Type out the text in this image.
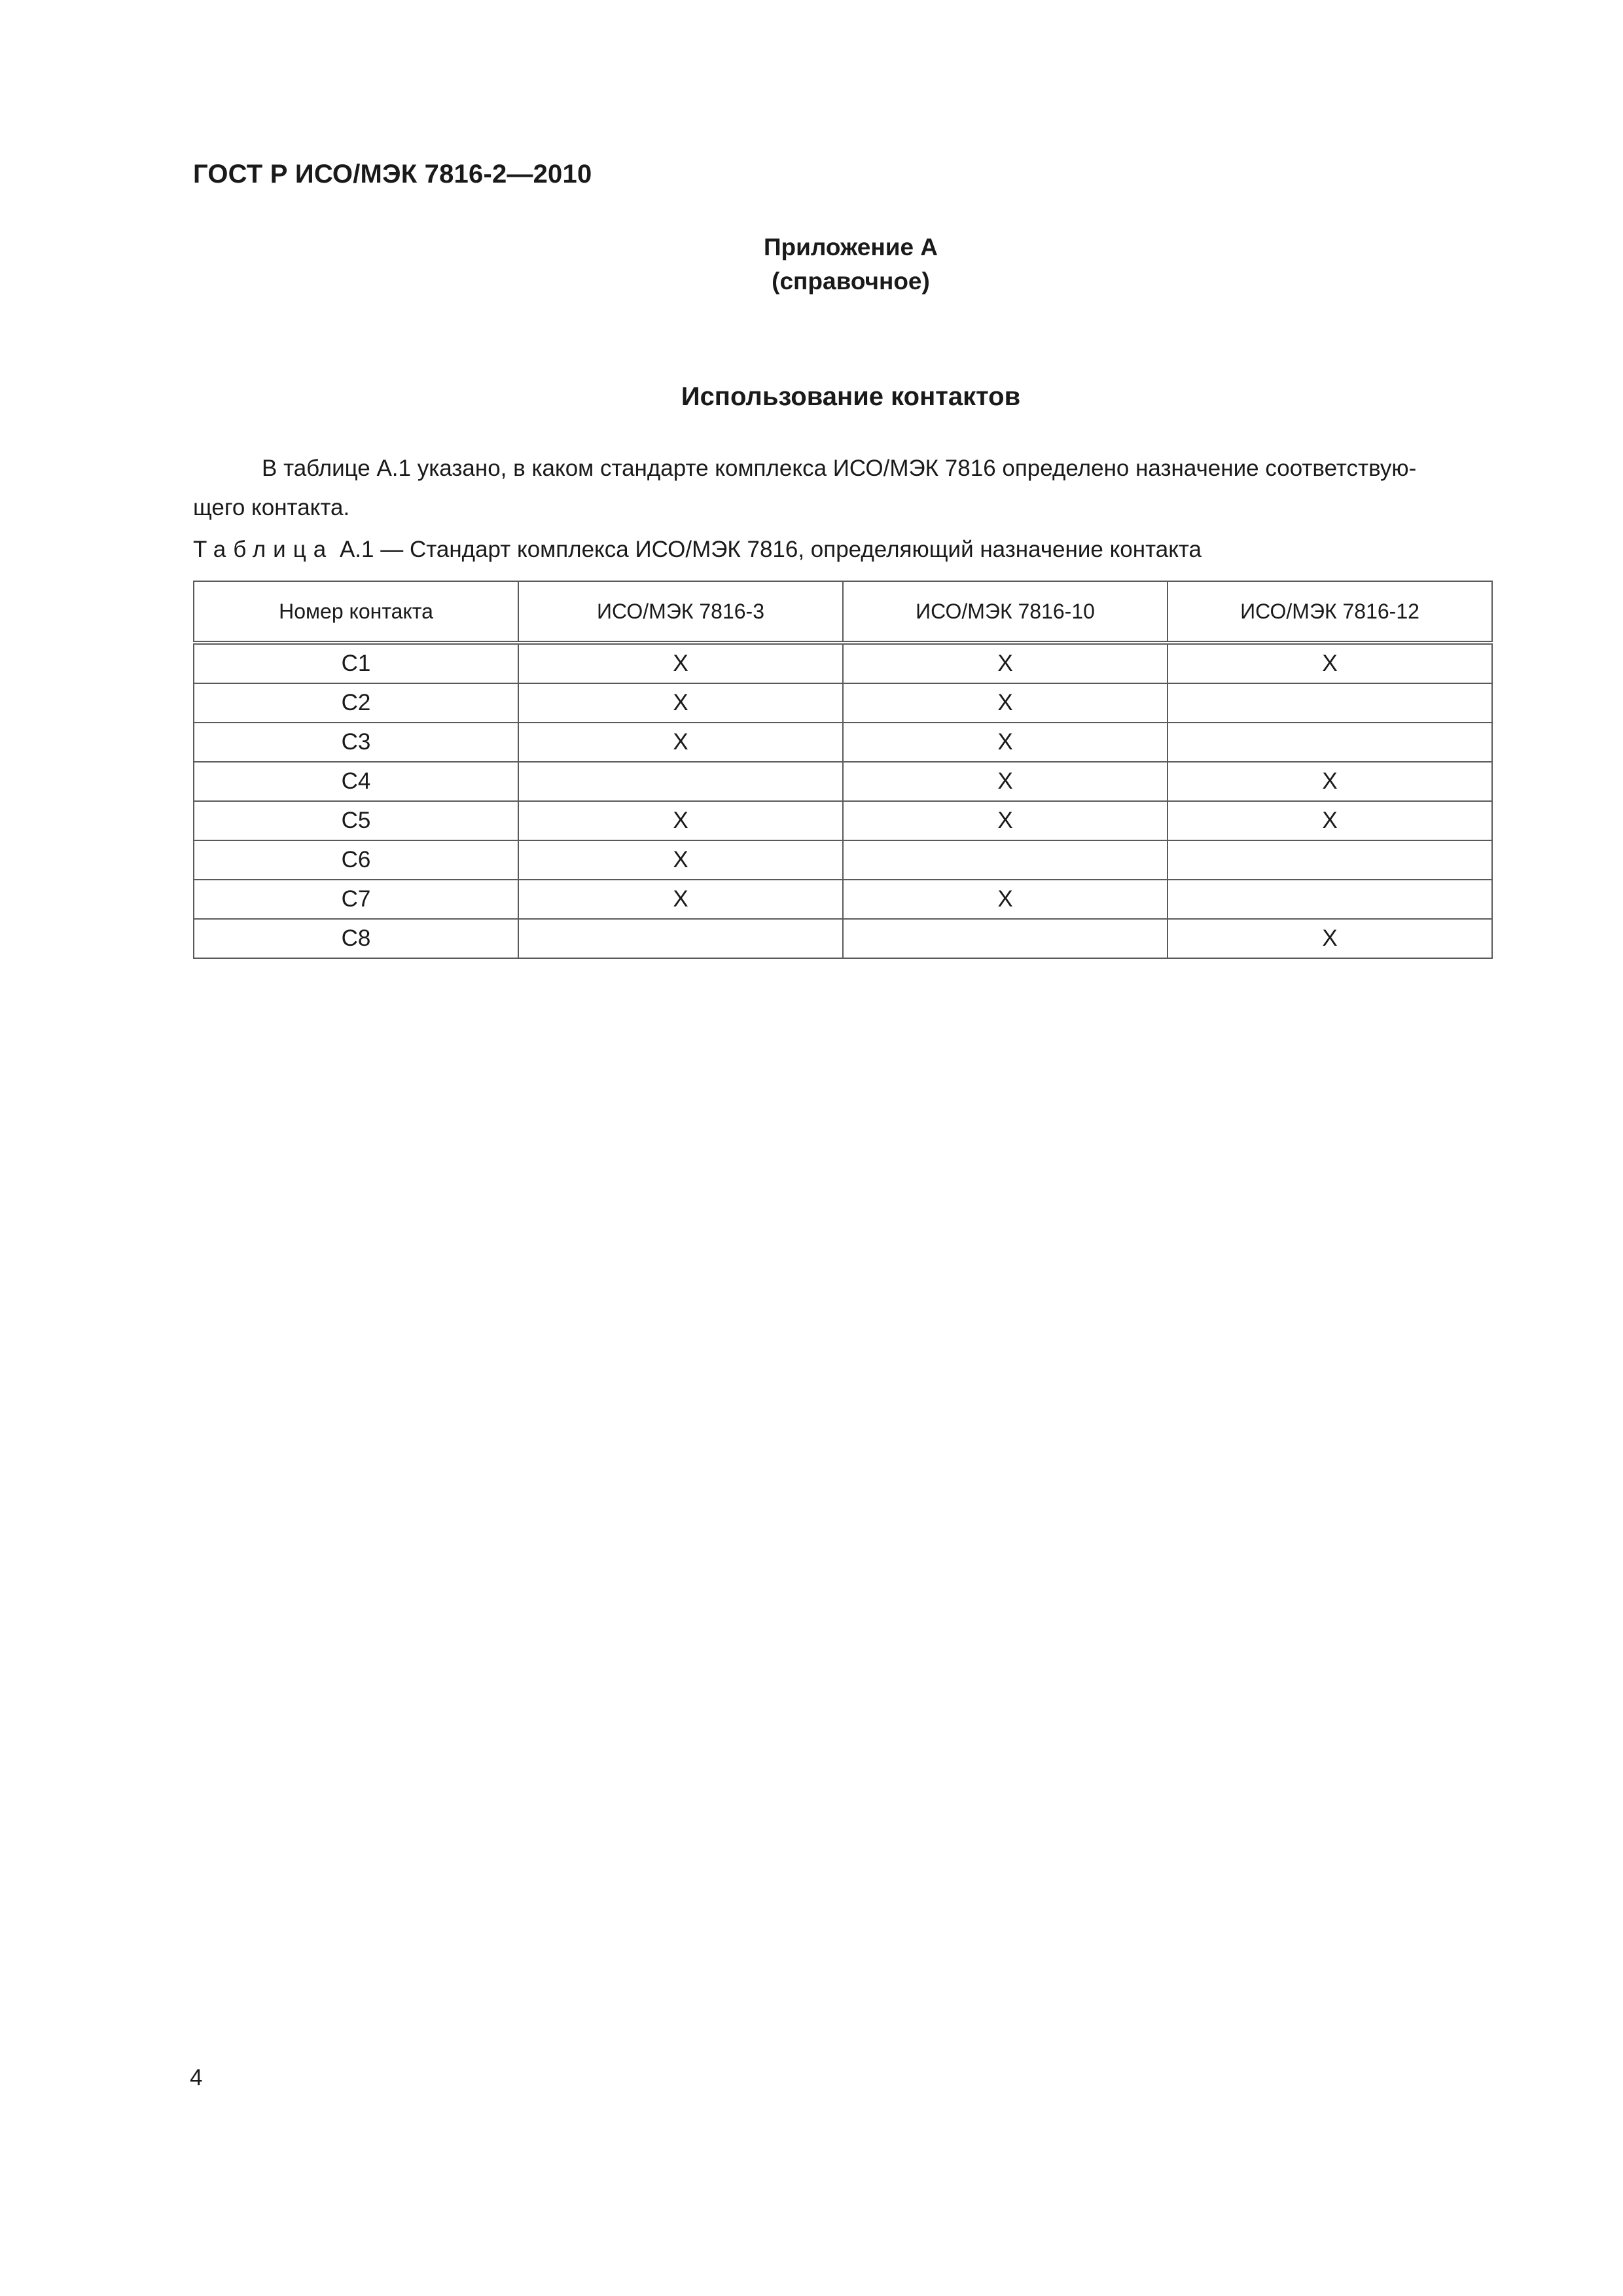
ГОСТ Р ИСО/МЭК 7816-2—2010
Приложение А
(справочное)
Использование контактов

В таблице А.1 указано, в каком стандарте комплекса ИСО/МЭК 7816 определено назначение соответствую-

щего контакта.

Таблица А.1 — Стандарт комплекса ИСО/МЭК 7816, определяющий назначение контакта
Номер контакта	ИСО/МЭК 7816-3	ИСО/МЭК 7816-10	ИСО/МЭК 7816-12
С1	X	X	X
С2	X	X	
С3	X	X	
С4		X	X
С5	X	X	X
С6	X		
С7	X	X	
С8			X
4
